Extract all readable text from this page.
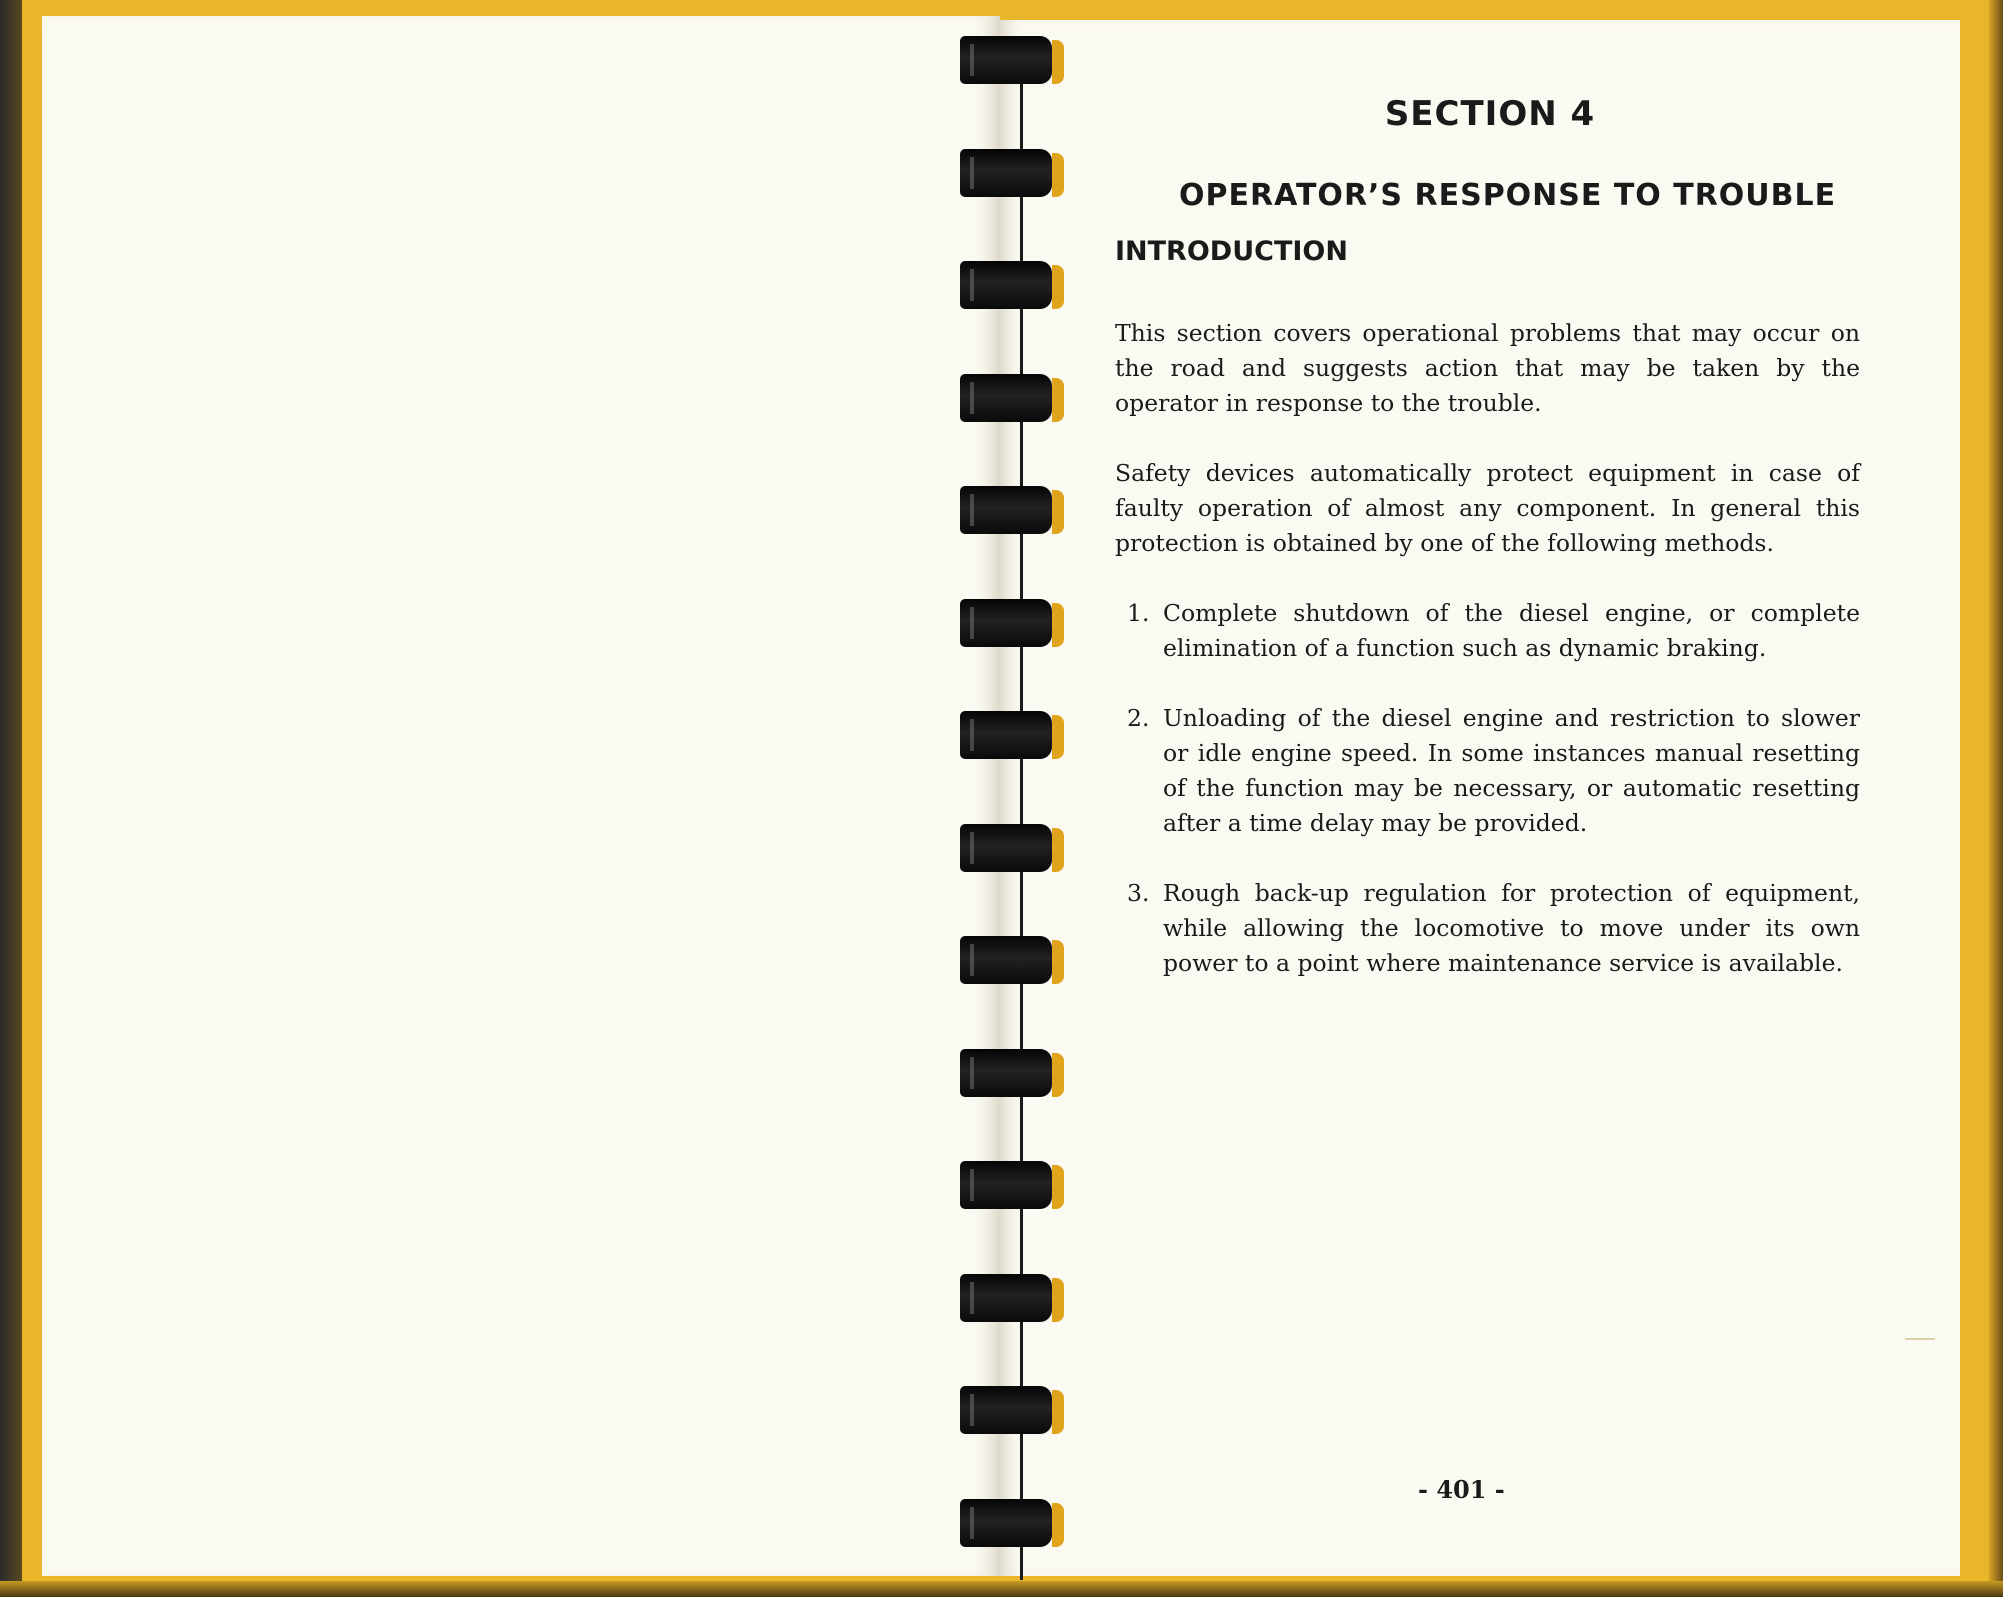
SECTION 4
OPERATOR’S RESPONSE TO TROUBLE
INTRODUCTION

This section covers operational problems that may occur on the road and suggests action that may be taken by the operator in response to the trouble.

Safety devices automatically protect equipment in case of faulty operation of almost any component. In general this protection is obtained by one of the following methods.

1. Complete shutdown of the diesel engine, or complete elimination of a function such as dynamic braking.
2. Unloading of the diesel engine and restriction to slower or idle engine speed. In some instances manual resetting of the function may be necessary, or automatic resetting after a time delay may be provided.
3. Rough back-up regulation for protection of equipment, while allowing the locomotive to move under its own power to a point where maintenance service is available.
- 401 -
